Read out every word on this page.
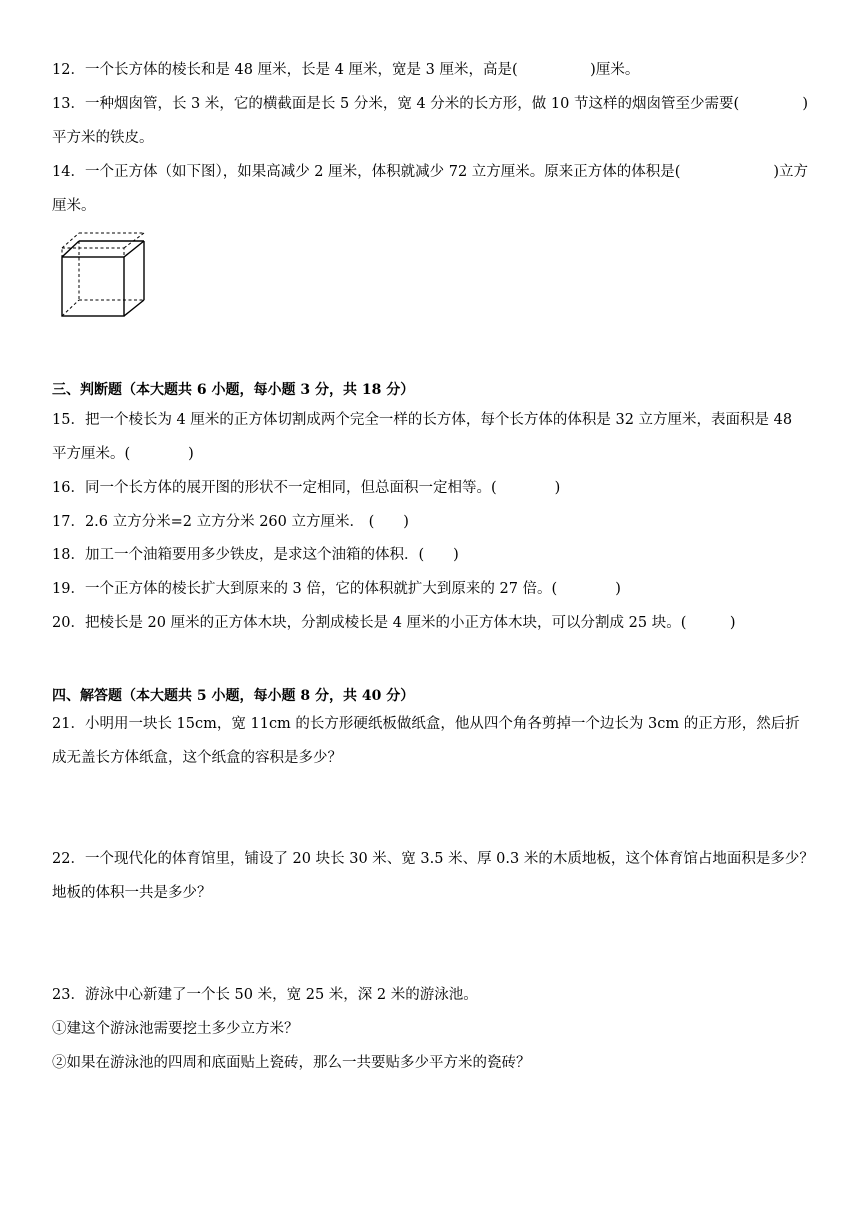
12．一个长方体的棱长和是 48 厘米，长是 4 厘米，宽是 3 厘米，高是(　　　　　)厘米。
13．一种烟囱管，长 3 米，它的横截面是长 5 分米，宽 4 分米的长方形，做 10 节这样的烟囱管至少需要(	)
平方米的铁皮。
14．一个正方体（如下图），如果高减少 2 厘米，体积就减少 72 立方厘米。原来正方体的体积是(	)立方
厘米。
三、判断题（本大题共 6 小题，每小题 3 分，共 18 分）
15．把一个棱长为 4 厘米的正方体切割成两个完全一样的长方体，每个长方体的体积是 32 立方厘米，表面积是 48
平方厘米。(　　　　)
16．同一个长方体的展开图的形状不一定相同，但总面积一定相等。(　　　　)
17．2.6 立方分米=2 立方分米 260 立方厘米． (　　)
18．加工一个油箱要用多少铁皮，是求这个油箱的体积．(　　)
19．一个正方体的棱长扩大到原来的 3 倍，它的体积就扩大到原来的 27 倍。(　　　　)
20．把棱长是 20 厘米的正方体木块，分割成棱长是 4 厘米的小正方体木块，可以分割成 25 块。(　　　)
四、解答题（本大题共 5 小题，每小题 8 分，共 40 分）
21．小明用一块长 15cm，宽 11cm 的长方形硬纸板做纸盒，他从四个角各剪掉一个边长为 3cm 的正方形，然后折
成无盖长方体纸盒，这个纸盒的容积是多少？
22．一个现代化的体育馆里，铺设了 20 块长 30 米、宽 3.5 米、厚 0.3 米的木质地板，这个体育馆占地面积是多少？
地板的体积一共是多少？
23．游泳中心新建了一个长 50 米，宽 25 米，深 2 米的游泳池。
①建这个游泳池需要挖土多少立方米？
②如果在游泳池的四周和底面贴上瓷砖，那么一共要贴多少平方米的瓷砖？
